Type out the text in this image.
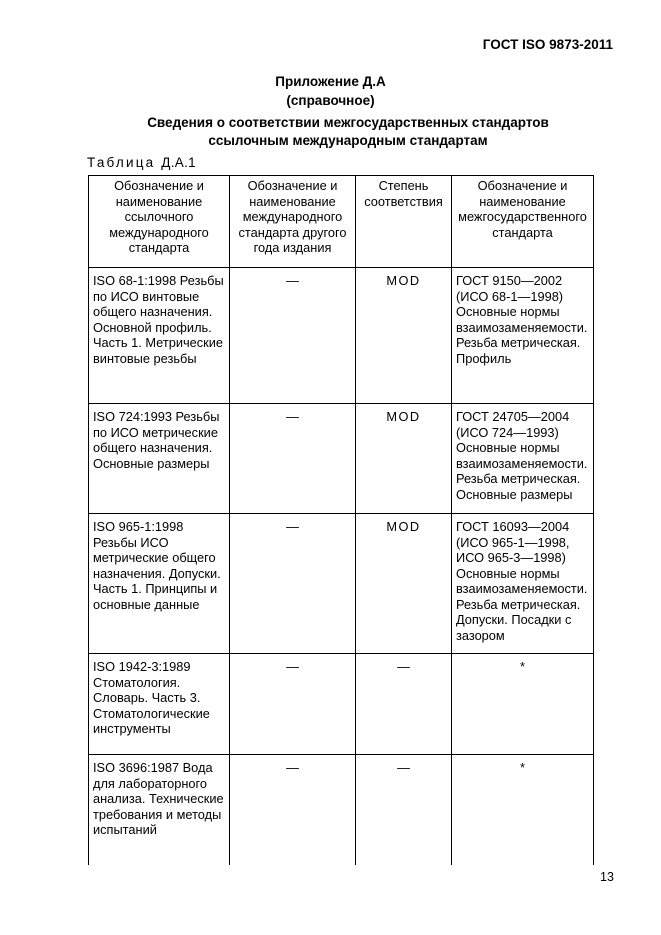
ГОСТ ISO 9873-2011
Приложение Д.А
(справочное)
Сведения о соответствии межгосударственных стандартов ссылочным международным стандартам
Таблица Д.А.1
Обозначение и наименование ссылочного международного стандарта	Обозначение и наименование международного стандарта другого года издания	Степень соответствия	Обозначение и наименование межгосударственного стандарта
ISO 68-1:1998 Резьбы по ИСО винтовые общего назначения. Основной профиль. Часть 1. Метрические винтовые резьбы	—	MOD	ГОСТ 9150—2002 (ИСО 68-1—1998) Основные нормы взаимозаменяемости. Резьба метрическая. Профиль
ISO 724:1993 Резьбы по ИСО метрические общего назначения. Основные размеры	—	MOD	ГОСТ 24705—2004 (ИСО 724—1993) Основные нормы взаимозаменяемости. Резьба метрическая. Основные размеры
ISO 965-1:1998 Резьбы ИСО метрические общего назначения. Допуски. Часть 1. Принципы и основные данные	—	MOD	ГОСТ 16093—2004 (ИСО 965-1—1998, ИСО 965-3—1998) Основные нормы взаимозаменяемости. Резьба метрическая. Допуски. Посадки с зазором
ISO 1942-3:1989 Стоматология. Словарь. Часть 3. Стоматологические инструменты	—	—	*
ISO 3696:1987 Вода для лабораторного анализа. Технические требования и методы испытаний	—	—	*
13
